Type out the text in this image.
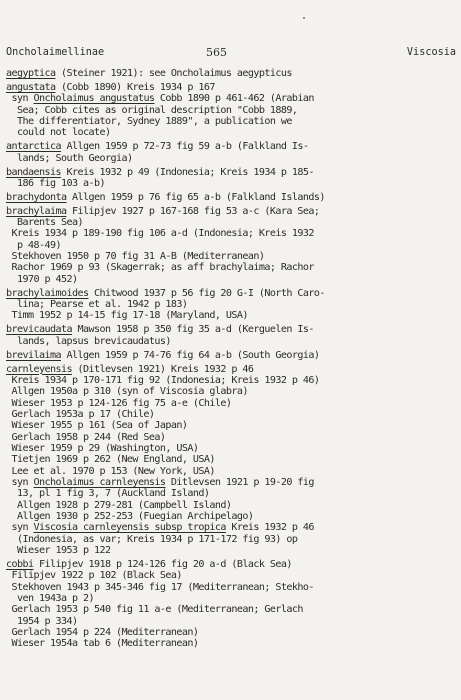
Oncholaimellinae	565	Viscosia
aegyptica (Steiner 1921): see Oncholaimus aegypticus
angustata (Cobb 1890) Kreis 1934 p 167
syn Oncholaimus angustatus Cobb 1890 p 461-462 (Arabian
Sea; Cobb cites as original description "Cobb 1889,
The differentiator, Sydney 1889", a publication we
could not locate)
antarctica Allgen 1959 p 72-73 fig 59 a-b (Falkland Is-
lands; South Georgia)
bandaensis Kreis 1932 p 49 (Indonesia; Kreis 1934 p 185-
186 fig 103 a-b)
brachydonta Allgen 1959 p 76 fig 65 a-b (Falkland Islands)
brachylaima Filipjev 1927 p 167-168 fig 53 a-c (Kara Sea;
Barents Sea)
Kreis 1934 p 189-190 fig 106 a-d (Indonesia; Kreis 1932
p 48-49)
Stekhoven 1950 p 70 fig 31 A-B (Mediterranean)
Rachor 1969 p 93 (Skagerrak; as aff brachylaima; Rachor
1970 p 452)
brachylaimoides Chitwood 1937 p 56 fig 20 G-I (North Caro-
lina; Pearse et al. 1942 p 183)
Timm 1952 p 14-15 fig 17-18 (Maryland, USA)
brevicaudata Mawson 1958 p 350 fig 35 a-d (Kerguelen Is-
lands, lapsus brevicaudatus)
brevilaima Allgen 1959 p 74-76 fig 64 a-b (South Georgia)
carnleyensis (Ditlevsen 1921) Kreis 1932 p 46
Kreis 1934 p 170-171 fig 92 (Indonesia; Kreis 1932 p 46)
Allgen 1950a p 310 (syn of Viscosia glabra)
Wieser 1953 p 124-126 fig 75 a-e (Chile)
Gerlach 1953a p 17 (Chile)
Wieser 1955 p 161 (Sea of Japan)
Gerlach 1958 p 244 (Red Sea)
Wieser 1959 p 29 (Washington, USA)
Tietjen 1969 p 262 (New England, USA)
Lee et al. 1970 p 153 (New York, USA)
syn Oncholaimus carnleyensis Ditlevsen 1921 p 19-20 fig
13, pl 1 fig 3, 7 (Auckland Island)
Allgen 1928 p 279-281 (Campbell Island)
Allgen 1930 p 252-253 (Fuegian Archipelago)
syn Viscosia carnleyensis subsp tropica Kreis 1932 p 46
(Indonesia, as var; Kreis 1934 p 171-172 fig 93) op
Wieser 1953 p 122
cobbi Filipjev 1918 p 124-126 fig 20 a-d (Black Sea)
Filipjev 1922 p 102 (Black Sea)
Stekhoven 1943 p 345-346 fig 17 (Mediterranean; Stekho-
ven 1943a p 2)
Gerlach 1953 p 540 fig 11 a-e (Mediterranean; Gerlach
1954 p 334)
Gerlach 1954 p 224 (Mediterranean)
Wieser 1954a tab 6 (Mediterranean)
